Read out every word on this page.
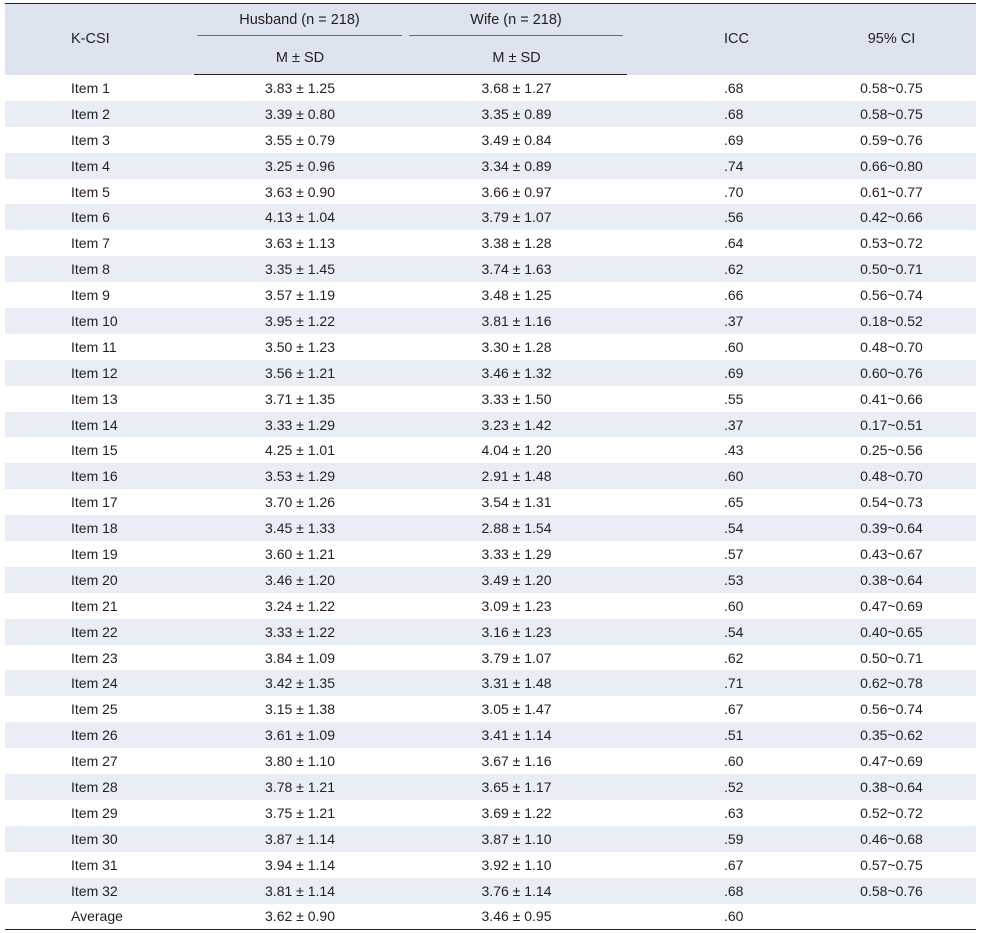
K-CSI	Husband (n = 218)	Wife (n = 218)	ICC	95% CI
	M ± SD	M ± SD		
Item 1	3.83 ± 1.25	3.68 ± 1.27	.68	0.58~0.75
Item 2	3.39 ± 0.80	3.35 ± 0.89	.68	0.58~0.75
Item 3	3.55 ± 0.79	3.49 ± 0.84	.69	0.59~0.76
Item 4	3.25 ± 0.96	3.34 ± 0.89	.74	0.66~0.80
Item 5	3.63 ± 0.90	3.66 ± 0.97	.70	0.61~0.77
Item 6	4.13 ± 1.04	3.79 ± 1.07	.56	0.42~0.66
Item 7	3.63 ± 1.13	3.38 ± 1.28	.64	0.53~0.72
Item 8	3.35 ± 1.45	3.74 ± 1.63	.62	0.50~0.71
Item 9	3.57 ± 1.19	3.48 ± 1.25	.66	0.56~0.74
Item 10	3.95 ± 1.22	3.81 ± 1.16	.37	0.18~0.52
Item 11	3.50 ± 1.23	3.30 ± 1.28	.60	0.48~0.70
Item 12	3.56 ± 1.21	3.46 ± 1.32	.69	0.60~0.76
Item 13	3.71 ± 1.35	3.33 ± 1.50	.55	0.41~0.66
Item 14	3.33 ± 1.29	3.23 ± 1.42	.37	0.17~0.51
Item 15	4.25 ± 1.01	4.04 ± 1.20	.43	0.25~0.56
Item 16	3.53 ± 1.29	2.91 ± 1.48	.60	0.48~0.70
Item 17	3.70 ± 1.26	3.54 ± 1.31	.65	0.54~0.73
Item 18	3.45 ± 1.33	2.88 ± 1.54	.54	0.39~0.64
Item 19	3.60 ± 1.21	3.33 ± 1.29	.57	0.43~0.67
Item 20	3.46 ± 1.20	3.49 ± 1.20	.53	0.38~0.64
Item 21	3.24 ± 1.22	3.09 ± 1.23	.60	0.47~0.69
Item 22	3.33 ± 1.22	3.16 ± 1.23	.54	0.40~0.65
Item 23	3.84 ± 1.09	3.79 ± 1.07	.62	0.50~0.71
Item 24	3.42 ± 1.35	3.31 ± 1.48	.71	0.62~0.78
Item 25	3.15 ± 1.38	3.05 ± 1.47	.67	0.56~0.74
Item 26	3.61 ± 1.09	3.41 ± 1.14	.51	0.35~0.62
Item 27	3.80 ± 1.10	3.67 ± 1.16	.60	0.47~0.69
Item 28	3.78 ± 1.21	3.65 ± 1.17	.52	0.38~0.64
Item 29	3.75 ± 1.21	3.69 ± 1.22	.63	0.52~0.72
Item 30	3.87 ± 1.14	3.87 ± 1.10	.59	0.46~0.68
Item 31	3.94 ± 1.14	3.92 ± 1.10	.67	0.57~0.75
Item 32	3.81 ± 1.14	3.76 ± 1.14	.68	0.58~0.76
Average	3.62 ± 0.90	3.46 ± 0.95	.60	
